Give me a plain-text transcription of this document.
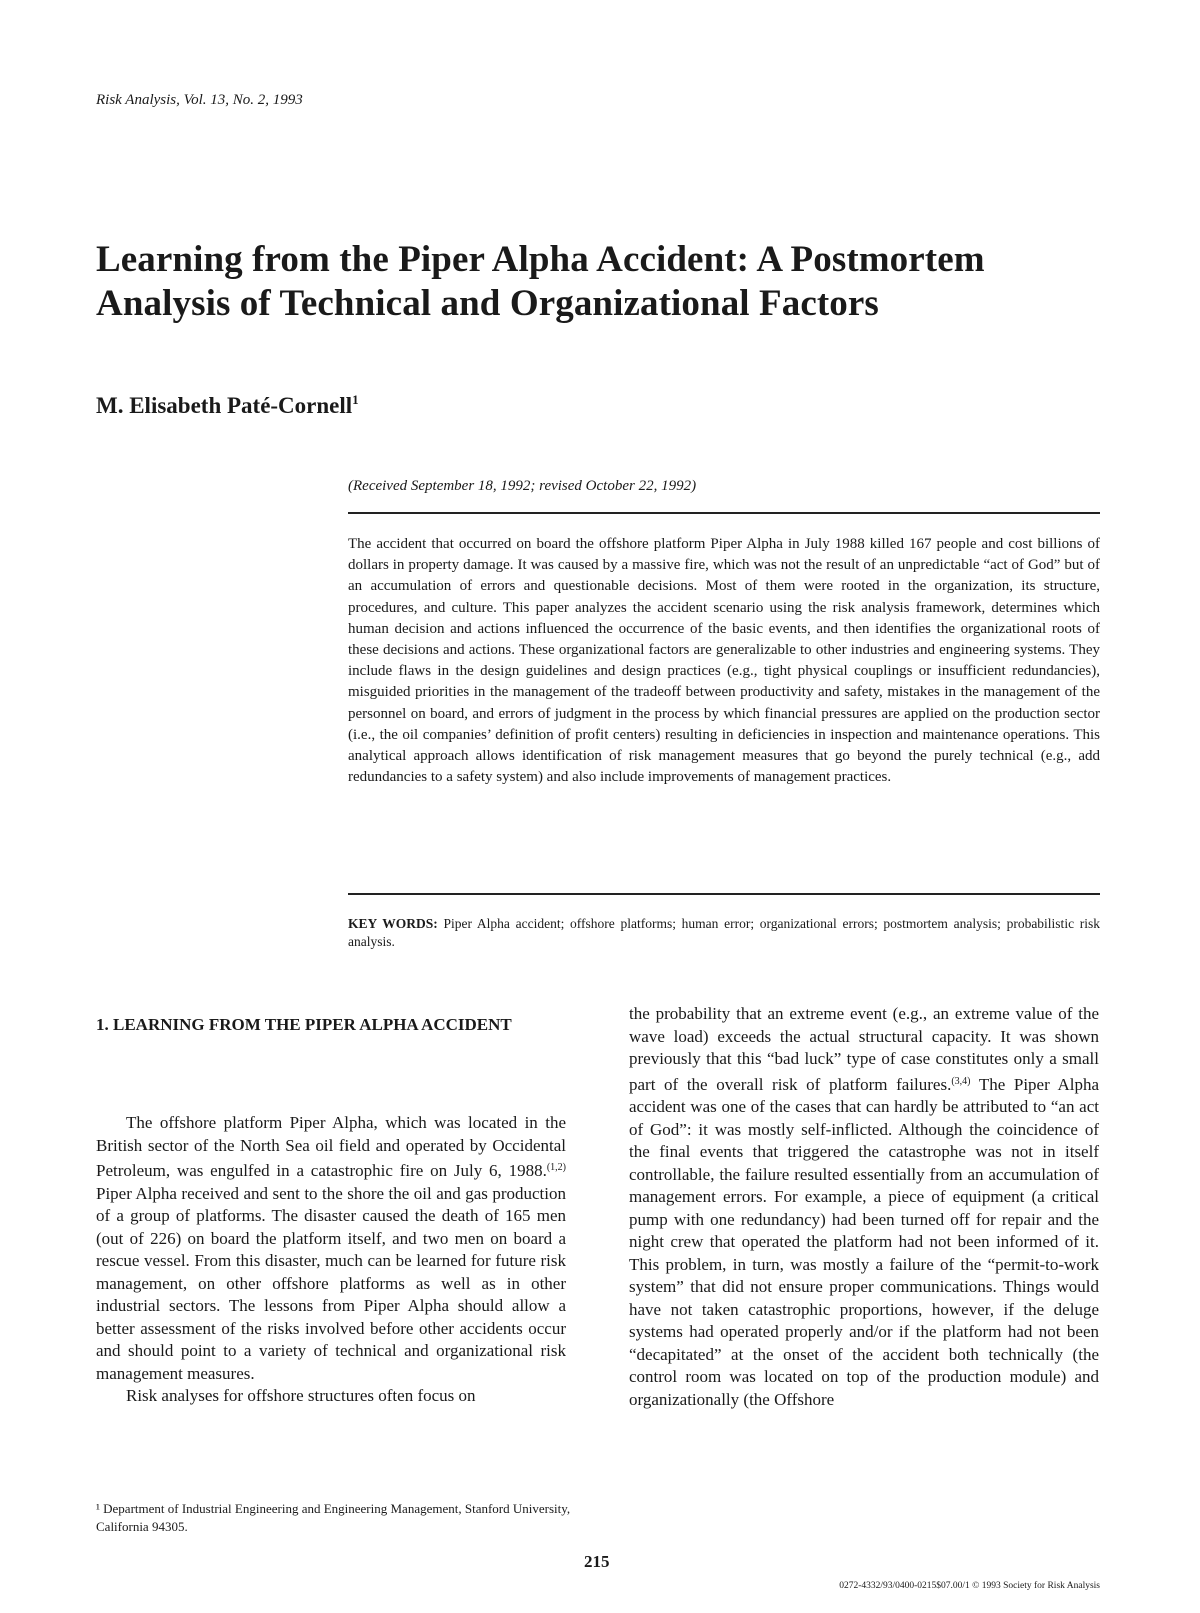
Risk Analysis, Vol. 13, No. 2, 1993
Learning from the Piper Alpha Accident: A Postmortem Analysis of Technical and Organizational Factors
M. Elisabeth Paté-Cornell$^1$
(Received September 18, 1992; revised October 22, 1992)

The accident that occurred on board the offshore platform Piper Alpha in July 1988 killed 167 people and cost billions of dollars in property damage. It was caused by a massive fire, which was not the result of an unpredictable “act of God” but of an accumulation of errors and questionable decisions. Most of them were rooted in the organization, its structure, procedures, and culture. This paper analyzes the accident scenario using the risk analysis framework, determines which human decision and actions influenced the occurrence of the basic events, and then identifies the organizational roots of these decisions and actions. These organizational factors are generalizable to other industries and engineering systems. They include flaws in the design guidelines and design practices (e.g., tight physical couplings or insufficient redundancies), misguided priorities in the management of the tradeoff between productivity and safety, mistakes in the management of the personnel on board, and errors of judgment in the process by which financial pressures are applied on the production sector (i.e., the oil companies’ definition of profit centers) resulting in deficiencies in inspection and maintenance operations. This analytical approach allows identification of risk management measures that go beyond the purely technical (e.g., add redundancies to a safety system) and also include improvements of management practices.

KEY WORDS: Piper Alpha accident; offshore platforms; human error; organizational errors; postmortem analysis; probabilistic risk analysis.

1. LEARNING FROM THE PIPER ALPHA ACCIDENT

The offshore platform Piper Alpha, which was located in the British sector of the North Sea oil field and operated by Occidental Petroleum, was engulfed in a catastrophic fire on July 6, 1988.$^{(1,2)}$ Piper Alpha received and sent to the shore the oil and gas production of a group of platforms. The disaster caused the death of 165 men (out of 226) on board the platform itself, and two men on board a rescue vessel. From this disaster, much can be learned for future risk management, on other offshore platforms as well as in other industrial sectors. The lessons from Piper Alpha should allow a better assessment of the risks involved before other accidents occur and should point to a variety of technical and organizational risk management measures.

Risk analyses for offshore structures often focus on

the probability that an extreme event (e.g., an extreme value of the wave load) exceeds the actual structural capacity. It was shown previously that this “bad luck” type of case constitutes only a small part of the overall risk of platform failures.$^{(3,4)}$ The Piper Alpha accident was one of the cases that can hardly be attributed to “an act of God”: it was mostly self-inflicted. Although the coincidence of the final events that triggered the catastrophe was not in itself controllable, the failure resulted essentially from an accumulation of management errors. For example, a piece of equipment (a critical pump with one redundancy) had been turned off for repair and the night crew that operated the platform had not been informed of it. This problem, in turn, was mostly a failure of the “permit-to-work system” that did not ensure proper communications. Things would have not taken catastrophic proportions, however, if the deluge systems had operated properly and/or if the platform had not been “decapitated” at the onset of the accident both technically (the control room was located on top of the production module) and organizationally (the Offshore

¹ Department of Industrial Engineering and Engineering Management, Stanford University, California 94305.

215
0272-4332/93/0400-0215$07.00/1 © 1993 Society for Risk Analysis
